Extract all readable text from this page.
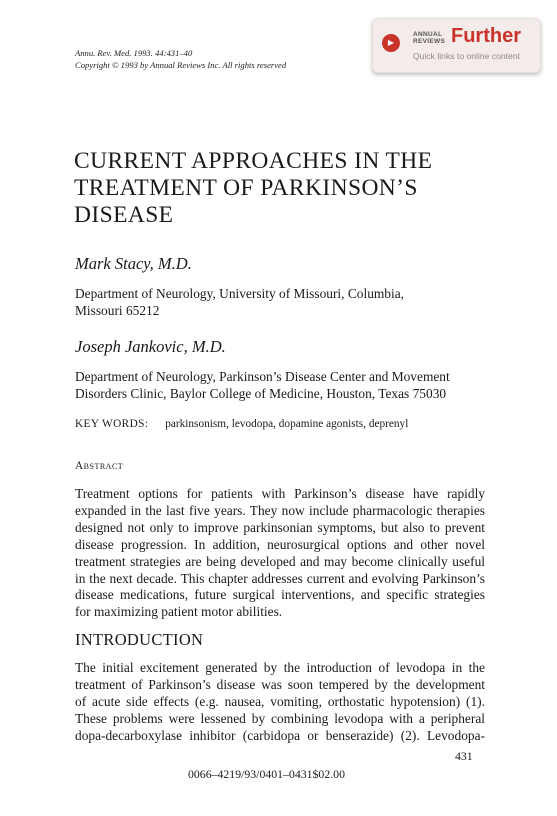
Annu. Rev. Med. 1993. 44:431–40
Copyright © 1993 by Annual Reviews Inc. All rights reserved
▶
ANNUAL
REVIEWS Further
Quick links to online content
CURRENT APPROACHES IN THE
TREATMENT OF PARKINSON’S
DISEASE
Mark Stacy, M.D.
Department of Neurology, University of Missouri, Columbia,
Missouri 65212
Joseph Jankovic, M.D.
Department of Neurology, Parkinson’s Disease Center and Movement
Disorders Clinic, Baylor College of Medicine, Houston, Texas 75030
KEY WORDS: parkinsonism, levodopa, dopamine agonists, deprenyl
Abstract
Treatment options for patients with Parkinson’s disease have rapidly
expanded in the last five years. They now include pharmacologic therapies
designed not only to improve parkinsonian symptoms, but also to prevent
disease progression. In addition, neurosurgical options and other novel
treatment strategies are being developed and may become clinically useful
in the next decade. This chapter addresses current and evolving Parkinson’s
disease medications, future surgical interventions, and specific strategies
for maximizing patient motor abilities.
INTRODUCTION
The initial excitement generated by the introduction of levodopa in the
treatment of Parkinson’s disease was soon tempered by the development
of acute side effects (e.g. nausea, vomiting, orthostatic hypotension) (1).
These problems were lessened by combining levodopa with a peripheral
dopa-decarboxylase inhibitor (carbidopa or benserazide) (2). Levodopa-
431
0066–4219/93/0401–0431$02.00
